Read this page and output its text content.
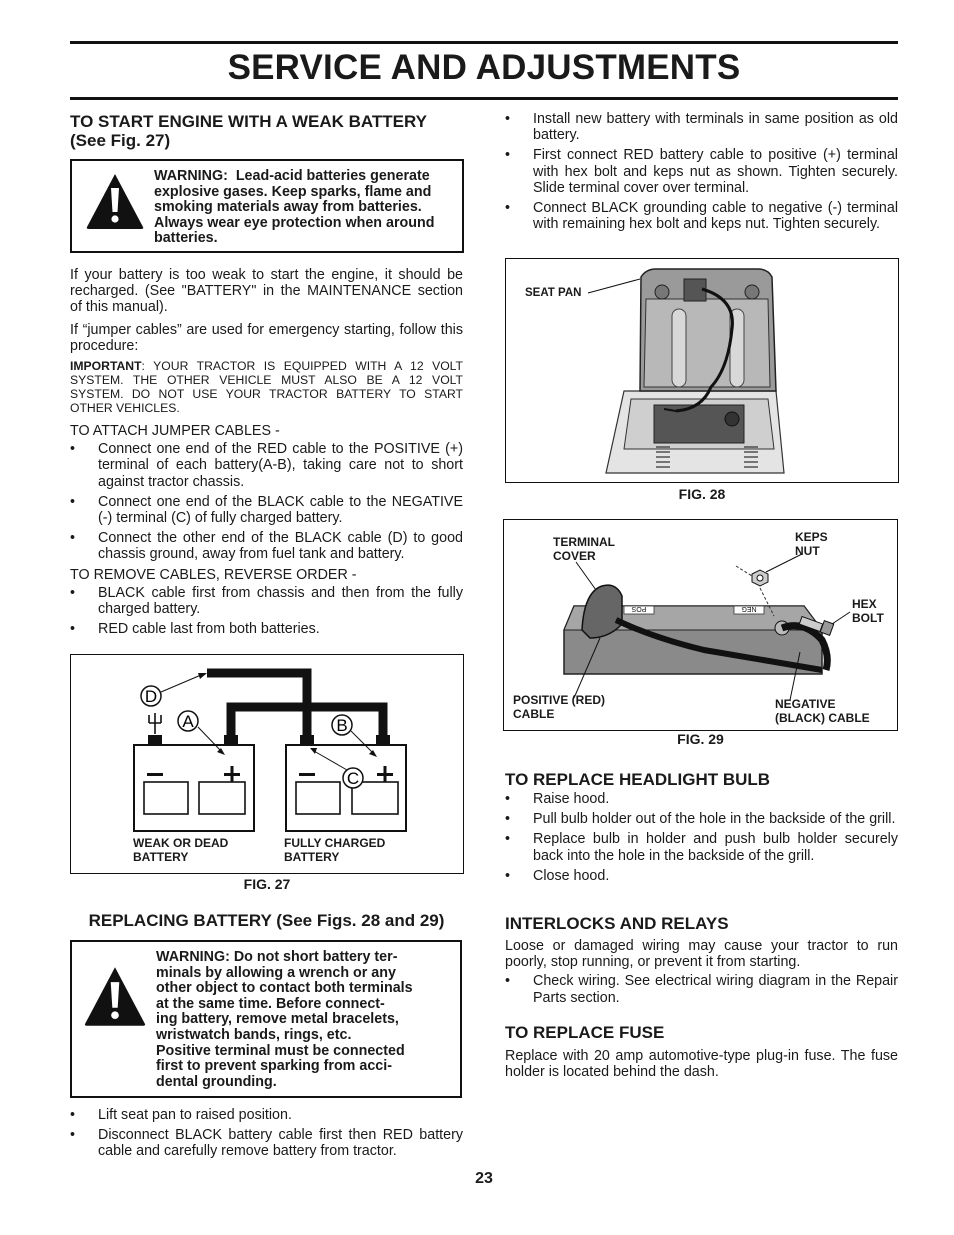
SERVICE AND ADJUSTMENTS

TO START ENGINE WITH A WEAK BATTERY (See Fig. 27)

WARNING:  Lead-acid batteries generate explosive gases. Keep sparks, flame and smoking materials away from batteries. Always wear eye protection when around batteries.

If your battery is too weak to start the engine, it should be recharged. (See "BATTERY" in the MAINTENANCE section of this manual).

If “jumper cables” are used for emergency starting, follow this procedure:

IMPORTANT: YOUR TRACTOR IS EQUIPPED WITH A 12 VOLT SYSTEM. THE OTHER VEHICLE MUST ALSO BE A 12 VOLT SYSTEM. DO NOT USE YOUR TRACTOR BATTERY TO START OTHER VEHICLES.

TO ATTACH JUMPER CABLES -

• Connect one end of the RED cable to the POSITIVE (+) terminal of each battery(A-B), taking care not to short against tractor chassis.
• Connect one end of the BLACK cable to the NEGATIVE (-) terminal (C) of fully charged battery.
• Connect the other end of the BLACK cable (D) to good chassis ground, away from fuel tank and battery.

TO REMOVE CABLES, REVERSE ORDER -

• BLACK cable first from chassis and then from the fully charged battery.
• RED cable last from both batteries.
D
A	B
C
WEAK OR DEAD
BATTERY
FULLY CHARGED
BATTERY
FIG. 27

REPLACING BATTERY (See Figs. 28 and 29)

WARNING: Do not short battery ter-
minals by allowing a wrench or any
other object to contact both terminals
at the same time. Before connect-
ing battery, remove metal bracelets,
wristwatch bands, rings, etc.
Positive terminal must be connected
first to prevent sparking from acci-
dental grounding.
• Lift seat pan to raised position.
• Disconnect BLACK battery cable first then RED battery cable and carefully remove battery from tractor.
• Install new battery with terminals in same position as old battery.
• First connect RED battery cable to positive (+) terminal with hex bolt and keps nut as shown. Tighten securely. Slide terminal cover over terminal.
• Connect BLACK grounding cable to negative (-) terminal with remaining hex bolt and keps nut. Tighten securely.
SEAT PAN
FIG. 28
POS	NEG
TERMINAL
COVER
KEPS
NUT
HEX
BOLT
POSITIVE (RED)
CABLE
NEGATIVE
(BLACK) CABLE
FIG. 29

TO REPLACE HEADLIGHT BULB

• Raise hood.
• Pull bulb holder out of the hole in the backside of the grill.
• Replace bulb in holder and push bulb holder securely back into the hole in the backside of the grill.
• Close hood.

INTERLOCKS AND RELAYS

Loose or damaged wiring may cause your tractor to run poorly, stop running, or prevent it from starting.

• Check wiring. See electrical wiring diagram in the Repair Parts section.

TO REPLACE FUSE

Replace with 20 amp automotive-type plug-in fuse. The fuse holder is located behind the dash.

23
